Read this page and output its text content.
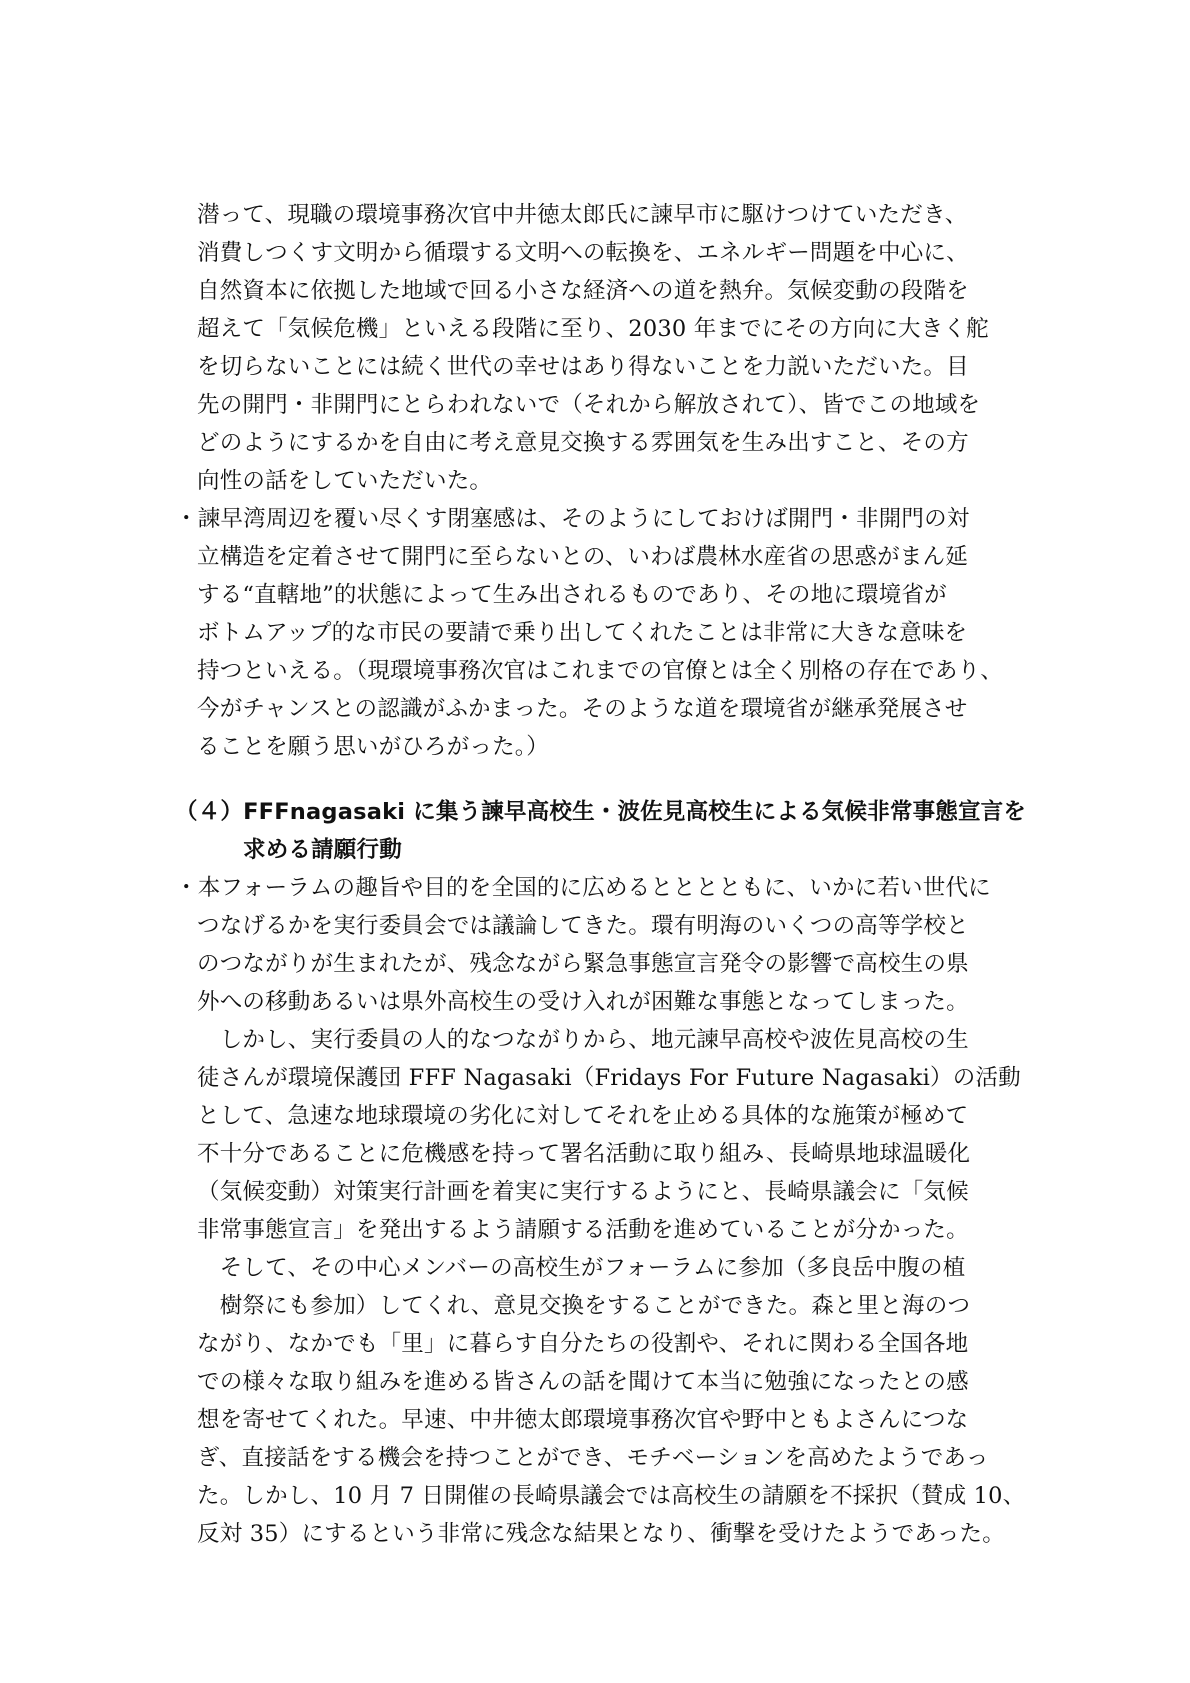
潜って、現職の環境事務次官中井徳太郎氏に諫早市に駆けつけていただき、
消費しつくす文明から循環する文明への転換を、エネルギー問題を中心に、
自然資本に依拠した地域で回る小さな経済への道を熱弁。気候変動の段階を
超えて「気候危機」といえる段階に至り、2030 年までにその方向に大きく舵
を切らないことには続く世代の幸せはあり得ないことを力説いただいた。目
先の開門・非開門にとらわれないで（それから解放されて）、皆でこの地域を
どのようにするかを自由に考え意見交換する雰囲気を生み出すこと、その方
向性の話をしていただいた。
・諫早湾周辺を覆い尽くす閉塞感は、そのようにしておけば開門・非開門の対
立構造を定着させて開門に至らないとの、いわば農林水産省の思惑がまん延
する“直轄地”的状態によって生み出されるものであり、その地に環境省が
ボトムアップ的な市民の要請で乗り出してくれたことは非常に大きな意味を
持つといえる。（現環境事務次官はこれまでの官僚とは全く別格の存在であり、
今がチャンスとの認識がふかまった。そのような道を環境省が継承発展させ
ることを願う思いがひろがった。）
（４）FFFnagasaki に集う諫早高校生・波佐見高校生による気候非常事態宣言を
求める請願行動
・本フォーラムの趣旨や目的を全国的に広めるとととともに、いかに若い世代に
つなげるかを実行委員会では議論してきた。環有明海のいくつの高等学校と
のつながりが生まれたが、残念ながら緊急事態宣言発令の影響で高校生の県
外への移動あるいは県外高校生の受け入れが困難な事態となってしまった。
　しかし、実行委員の人的なつながりから、地元諫早高校や波佐見高校の生
徒さんが環境保護団 FFF Nagasaki（Fridays For Future Nagasaki）の活動
として、急速な地球環境の劣化に対してそれを止める具体的な施策が極めて
不十分であることに危機感を持って署名活動に取り組み、長崎県地球温暖化
（気候変動）対策実行計画を着実に実行するようにと、長崎県議会に「気候
非常事態宣言」を発出するよう請願する活動を進めていることが分かった。
　そして、その中心メンバーの高校生がフォーラムに参加（多良岳中腹の植
　樹祭にも参加）してくれ、意見交換をすることができた。森と里と海のつ
ながり、なかでも「里」に暮らす自分たちの役割や、それに関わる全国各地
での様々な取り組みを進める皆さんの話を聞けて本当に勉強になったとの感
想を寄せてくれた。早速、中井徳太郎環境事務次官や野中ともよさんにつな
ぎ、直接話をする機会を持つことができ、モチベーションを高めたようであっ
た。しかし、10 月 7 日開催の長崎県議会では高校生の請願を不採択（賛成 10、
反対 35）にするという非常に残念な結果となり、衝撃を受けたようであった。
